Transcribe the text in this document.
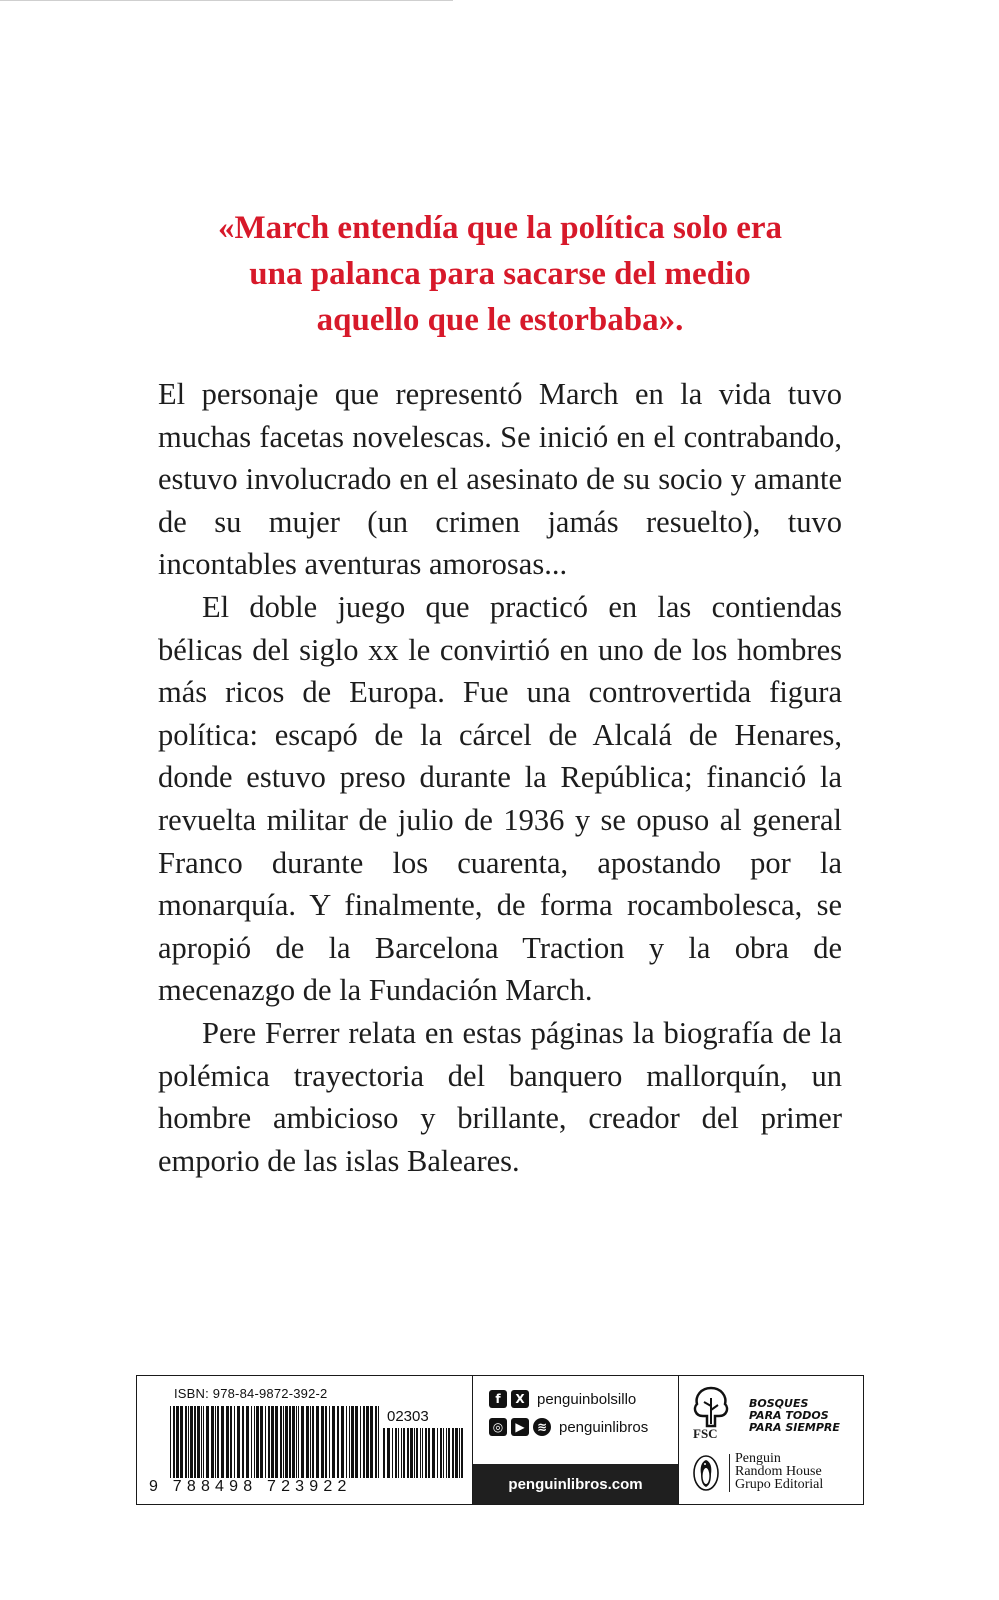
«March entendía que la política solo era
una palanca para sacarse del medio
aquello que le estorbaba».

El personaje que representó March en la vida tuvo muchas facetas novelescas. Se inició en el contrabando, estuvo involucrado en el asesinato de su socio y amante de su mujer (un crimen jamás resuelto), tuvo incontables aventuras amorosas...

El doble juego que practicó en las contiendas bélicas del siglo xx le convirtió en uno de los hombres más ricos de Europa. Fue una controvertida figura política: escapó de la cárcel de Alcalá de Henares, donde estuvo preso durante la República; financió la revuelta militar de julio de 1936 y se opuso al general Franco durante los cuarenta, apostando por la monarquía. Y finalmente, de forma rocambolesca, se apropió de la Barcelona Traction y la obra de mecenazgo de la Fundación March.

Pere Ferrer relata en estas páginas la biografía de la polémica trayectoria del banquero mallorquín, un hombre ambicioso y brillante, creador del primer emporio de las islas Baleares.

ISBN: 978-84-9872-392-2
02303
9 788498 723922
f	X penguinbolsillo
◎	▶	≋ penguinlibros
penguinlibros.com
FSC
BOSQUES
PARA TODOS
PARA SIEMPRE
Penguin
Random House
Grupo Editorial
